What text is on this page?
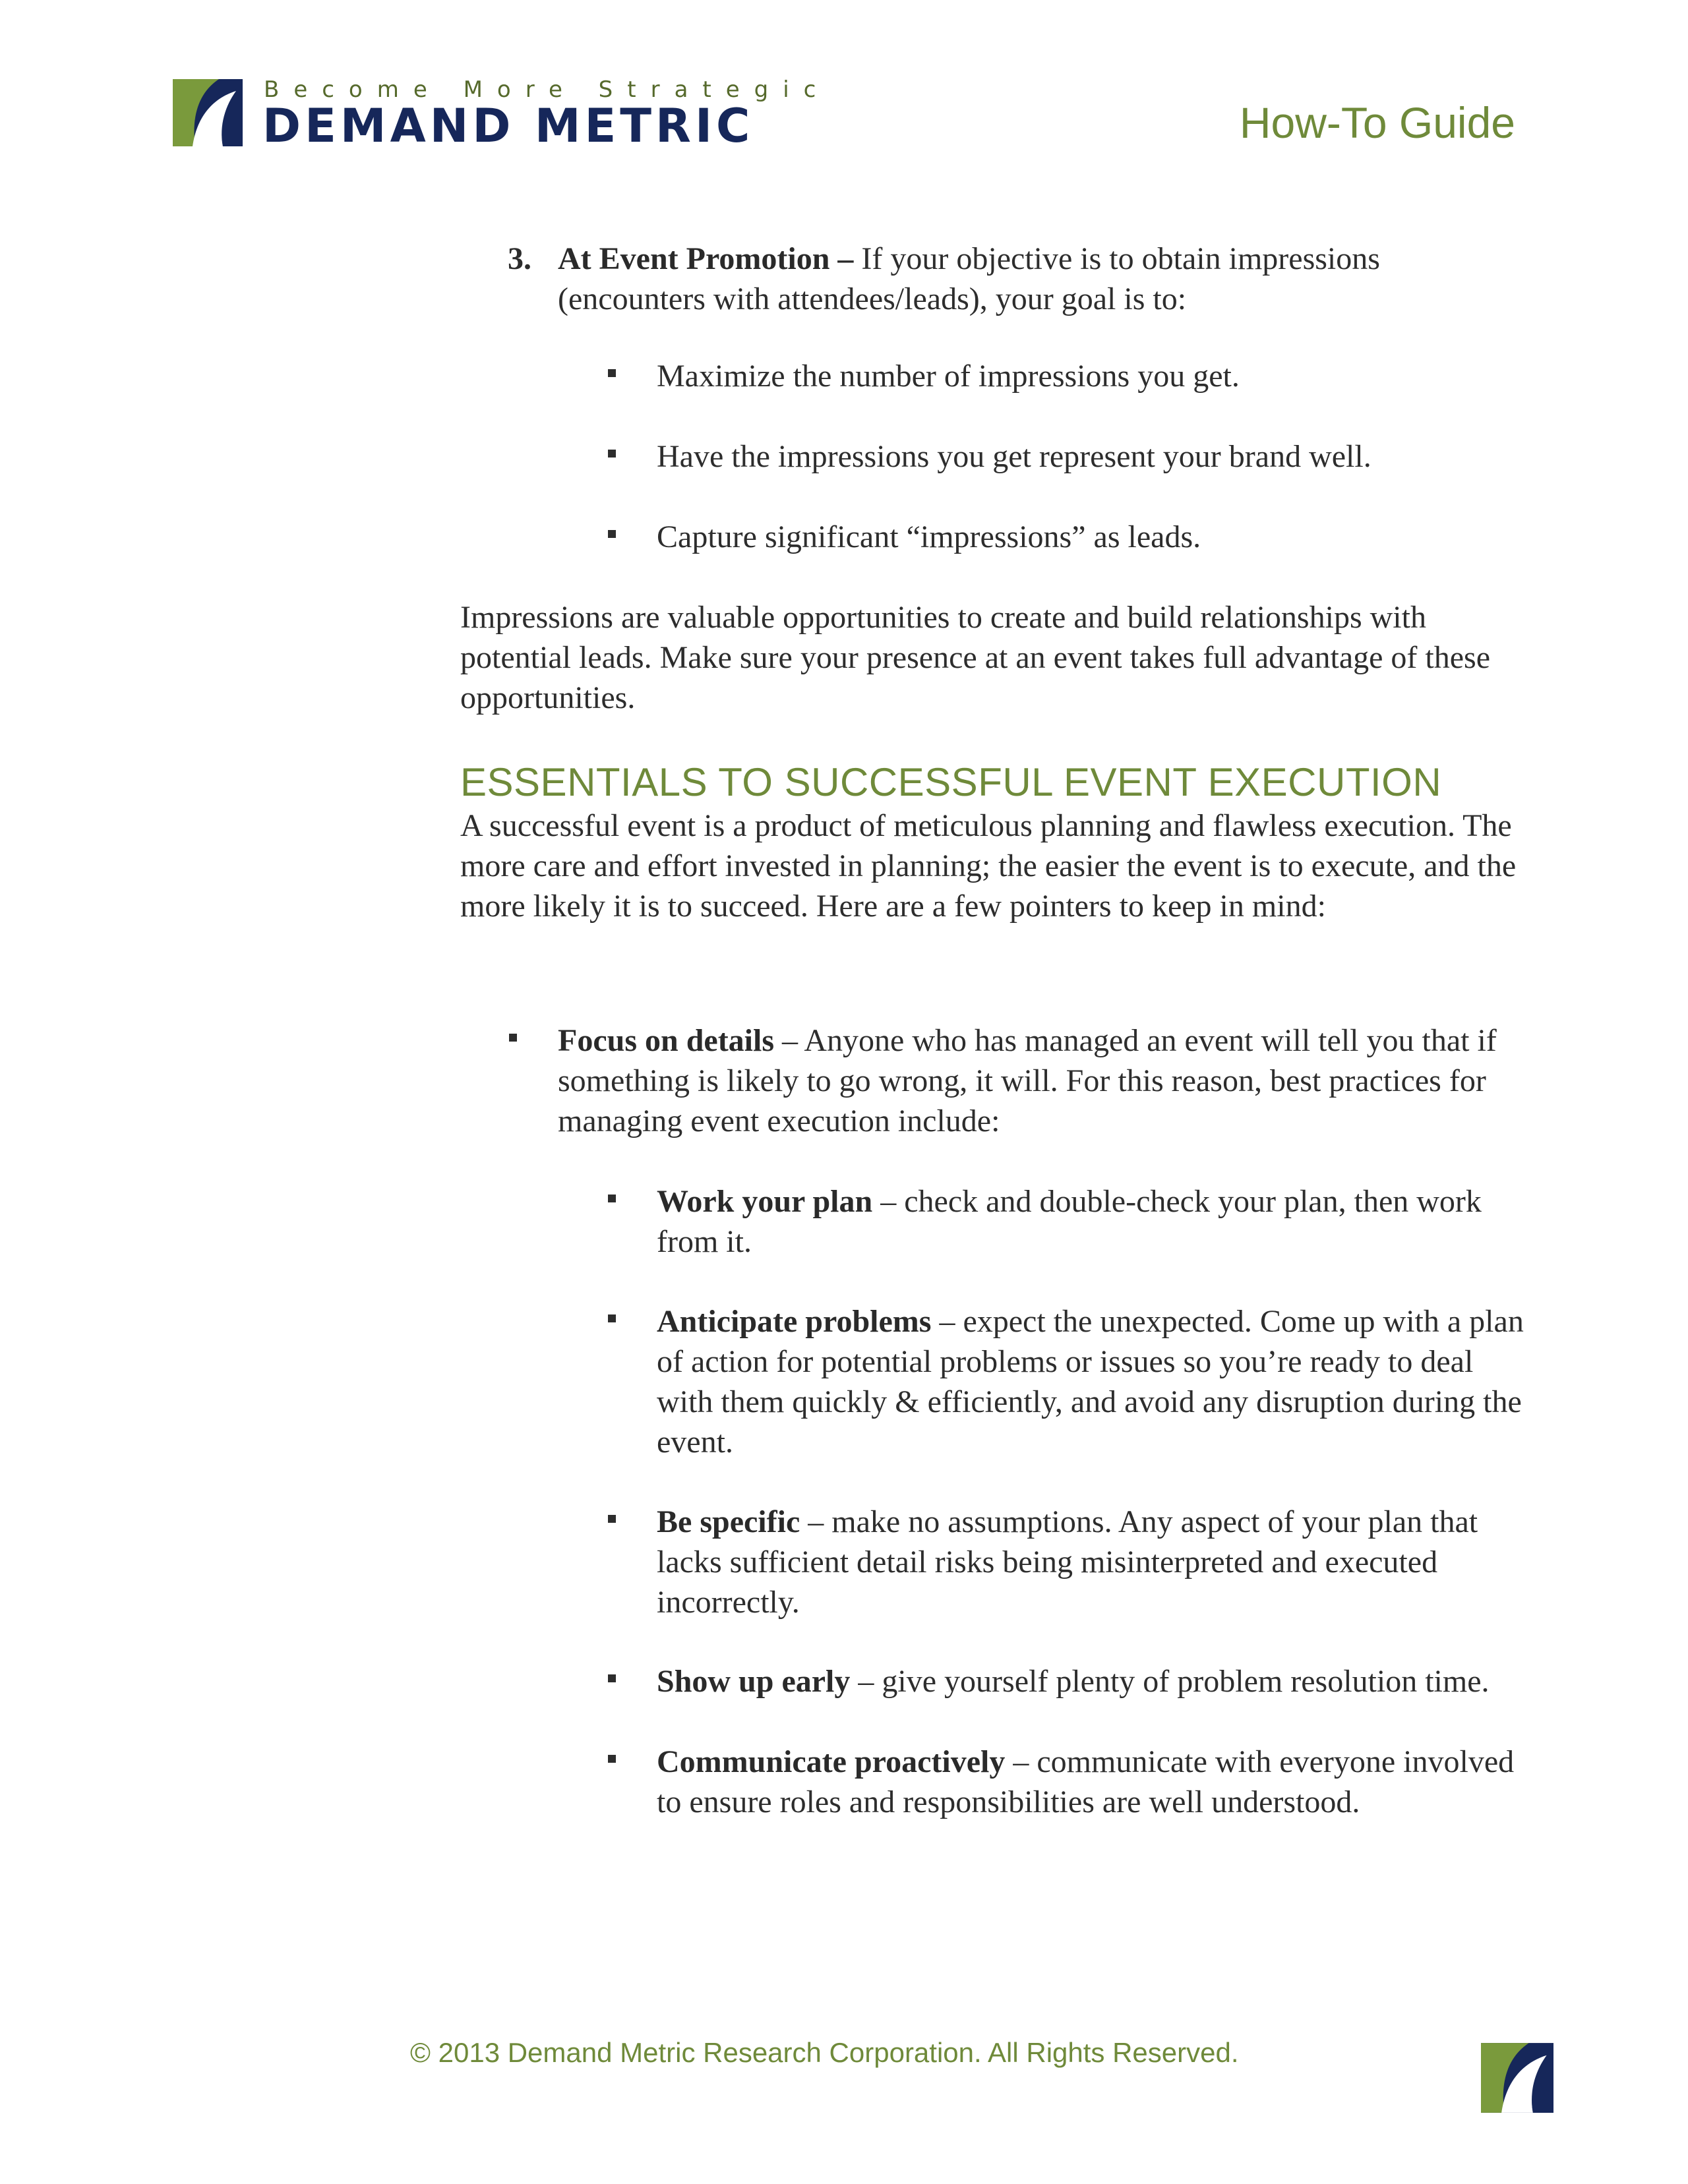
Become More Strategic
DEMAND METRIC	How-To Guide
3. At Event Promotion – If your objective is to obtain impressions (encounters with attendees/leads), your goal is to:

Maximize the number of impressions you get.

Have the impressions you get represent your brand well.

Capture significant “impressions” as leads.

Impressions are valuable opportunities to create and build relationships with potential leads. Make sure your presence at an event takes full advantage of these opportunities.

ESSENTIALS TO SUCCESSFUL EVENT EXECUTION

A successful event is a product of meticulous planning and flawless execution. The more care and effort invested in planning; the easier the event is to execute, and the more likely it is to succeed. Here are a few pointers to keep in mind:

Focus on details – Anyone who has managed an event will tell you that if something is likely to go wrong, it will. For this reason, best practices for managing event execution include:

Work your plan – check and double-check your plan, then work from it.

Anticipate problems – expect the unexpected. Come up with a plan of action for potential problems or issues so you’re ready to deal with them quickly & efficiently, and avoid any disruption during the event.

Be specific – make no assumptions. Any aspect of your plan that lacks sufficient detail risks being misinterpreted and executed incorrectly.

Show up early – give yourself plenty of problem resolution time.

Communicate proactively – communicate with everyone involved to ensure roles and responsibilities are well understood.

© 2013 Demand Metric Research Corporation. All Rights Reserved.
